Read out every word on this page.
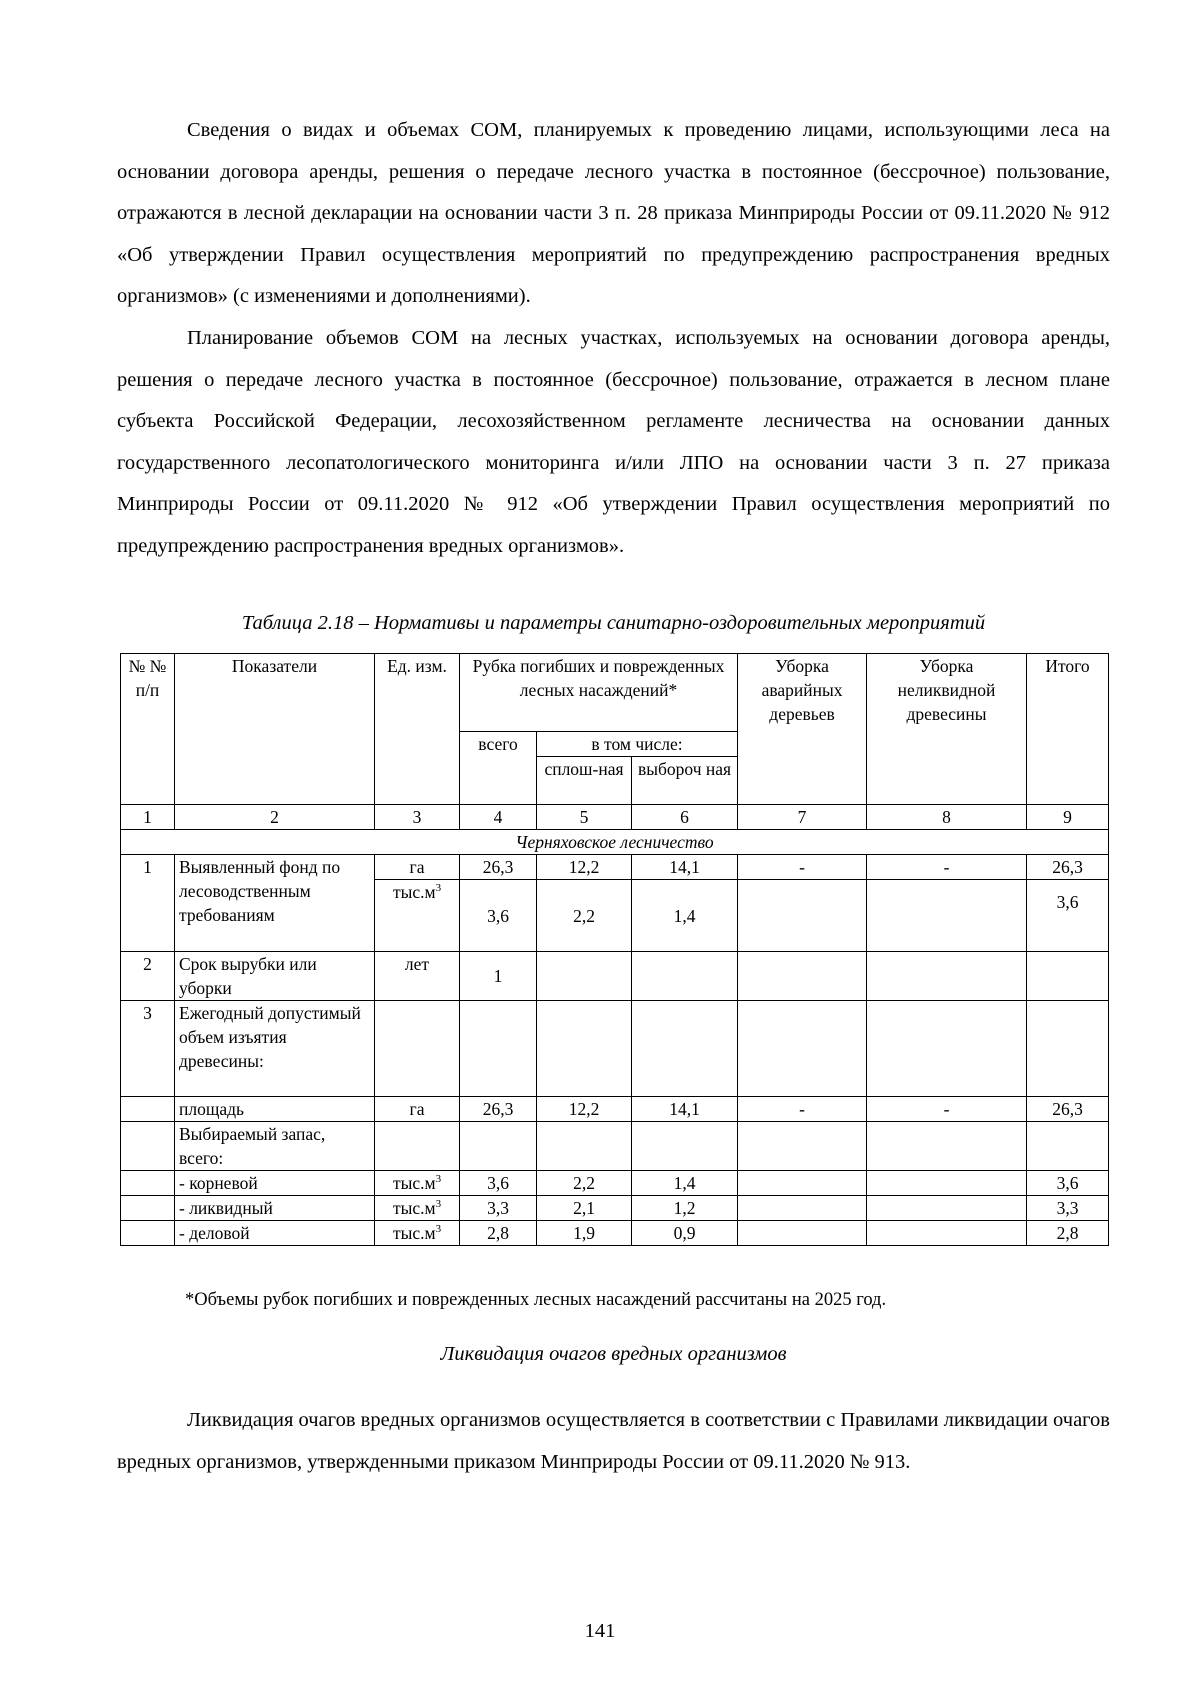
Сведения о видах и объемах СОМ, планируемых к проведению лицами, использующими леса на основании договора аренды, решения о передаче лесного участка в постоянное (бессрочное) пользование, отражаются в лесной декларации на основании части 3 п. 28 приказа Минприроды России от 09.11.2020 № 912 «Об утверждении Правил осуществления мероприятий по предупреждению распространения вредных организмов» (с изменениями и дополнениями).

Планирование объемов СОМ на лесных участках, используемых на основании договора аренды, решения о передаче лесного участка в постоянное (бессрочное) пользование, отражается в лесном плане субъекта Российской Федерации, лесохозяйственном регламенте лесничества на основании данных государственного лесопатологического мониторинга и/или ЛПО на основании части 3 п. 27 приказа Минприроды России от 09.11.2020 № 912 «Об утверждении Правил осуществления мероприятий по предупреждению распространения вредных организмов».

Таблица 2.18 – Нормативы и параметры санитарно-оздоровительных мероприятий

№ № п/п	Показатели	Ед. изм.	Рубка погибших и поврежденных лесных насаждений*			Уборка аварийных деревьев	Уборка неликвидной древесины	Итого
			всего	в том числе:				
				сплош-ная	выбороч ная			
1	2	3	4	5	6	7	8	9
Черняховское лесничество								
1	Выявленный фонд по лесоводственным требованиям	га	26,3	12,2	14,1	-	-	26,3
		$тыс.м^3$	3,6	2,2	1,4			3,6
2	Срок вырубки или уборки	лет	1					
3	Ежегодный допустимый объем изъятия древесины:							
	площадь	га	26,3	12,2	14,1	-	-	26,3
	Выбираемый запас, всего:							
	- корневой	$тыс.м^3$	3,6	2,2	1,4			3,6
	- ликвидный	$тыс.м^3$	3,3	2,1	1,2			3,3
	- деловой	$тыс.м^3$	2,8	1,9	0,9			2,8

*Объемы рубок погибших и поврежденных лесных насаждений рассчитаны на 2025 год.

Ликвидация очагов вредных организмов

Ликвидация очагов вредных организмов осуществляется в соответствии с Правилами ликвидации очагов вредных организмов, утвержденными приказом Минприроды России от 09.11.2020 № 913.

141
